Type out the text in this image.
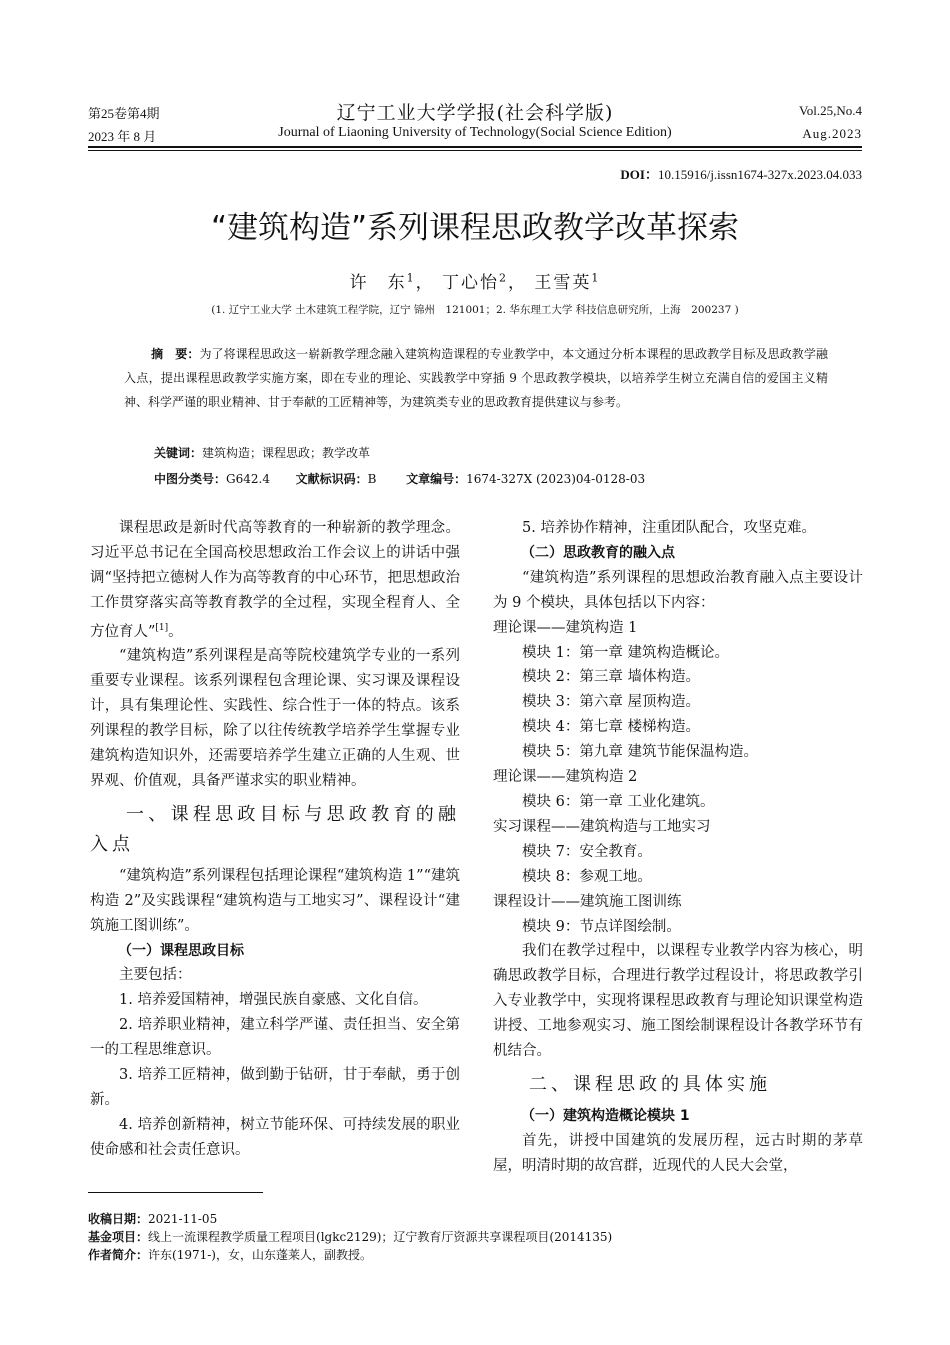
第25卷第4期
2023 年 8 月
辽宁工业大学学报(社会科学版)
Journal of Liaoning University of Technology(Social Science Edition)
Vol.25,No.4
Aug.2023
DOI：10.15916/j.issn1674-327x.2023.04.033
“建筑构造”系列课程思政教学改革探索
许　东$^1$， 丁心怡$^2$， 王雪英$^1$
(1. 辽宁工业大学 土木建筑工程学院，辽宁 锦州　121001；2. 华东理工大学 科技信息研究所，上海　200237 )
摘　要：为了将课程思政这一崭新教学理念融入建筑构造课程的专业教学中，本文通过分析本课程的思政教学目标及思政教学融入点，提出课程思政教学实施方案，即在专业的理论、实践教学中穿插 9 个思政教学模块，以培养学生树立充满自信的爱国主义精神、科学严谨的职业精神、甘于奉献的工匠精神等，为建筑类专业的思政教育提供建议与参考。
关键词：建筑构造；课程思政；教学改革
中图分类号：G642.4 文献标识码：B 文章编号：1674-327X (2023)04-0128-03

课程思政是新时代高等教育的一种崭新的教学理念。习近平总书记在全国高校思想政治工作会议上的讲话中强调“坚持把立德树人作为高等教育的中心环节，把思想政治工作贯穿落实高等教育教学的全过程，实现全程育人、全方位育人”[1]。

“建筑构造”系列课程是高等院校建筑学专业的一系列重要专业课程。该系列课程包含理论课、实习课及课程设计，具有集理论性、实践性、综合性于一体的特点。该系列课程的教学目标，除了以往传统教学培养学生掌握专业建筑构造知识外，还需要培养学生建立正确的人生观、世界观、价值观，具备严谨求实的职业精神。

一、课程思政目标与思政教育的融入点

“建筑构造”系列课程包括理论课程“建筑构造 1”“建筑构造 2”及实践课程“建筑构造与工地实习”、课程设计“建筑施工图训练”。

（一）课程思政目标

主要包括：

1. 培养爱国精神，增强民族自豪感、文化自信。

2. 培养职业精神，建立科学严谨、责任担当、安全第一的工程思维意识。

3. 培养工匠精神，做到勤于钻研，甘于奉献，勇于创新。

4. 培养创新精神，树立节能环保、可持续发展的职业使命感和社会责任意识。

5. 培养协作精神，注重团队配合，攻坚克难。

（二）思政教育的融入点

“建筑构造”系列课程的思想政治教育融入点主要设计为 9 个模块，具体包括以下内容：

理论课——建筑构造 1

模块 1：第一章 建筑构造概论。

模块 2：第三章 墙体构造。

模块 3：第六章 屋顶构造。

模块 4：第七章 楼梯构造。

模块 5：第九章 建筑节能保温构造。

理论课——建筑构造 2

模块 6：第一章 工业化建筑。

实习课程——建筑构造与工地实习

模块 7：安全教育。

模块 8：参观工地。

课程设计——建筑施工图训练

模块 9：节点详图绘制。

我们在教学过程中，以课程专业教学内容为核心，明确思政教学目标，合理进行教学过程设计，将思政教学引入专业教学中，实现将课程思政教育与理论知识课堂构造讲授、工地参观实习、施工图绘制课程设计各教学环节有机结合。

二、课程思政的具体实施

（一）建筑构造概论模块 1

首先，讲授中国建筑的发展历程，远古时期的茅草屋，明清时期的故宫群，近现代的人民大会堂，

收稿日期：2021-11-05
基金项目：线上一流课程教学质量工程项目(lgkc2129)；辽宁教育厅资源共享课程项目(2014135)
作者简介：许东(1971-)，女，山东蓬莱人，副教授。
